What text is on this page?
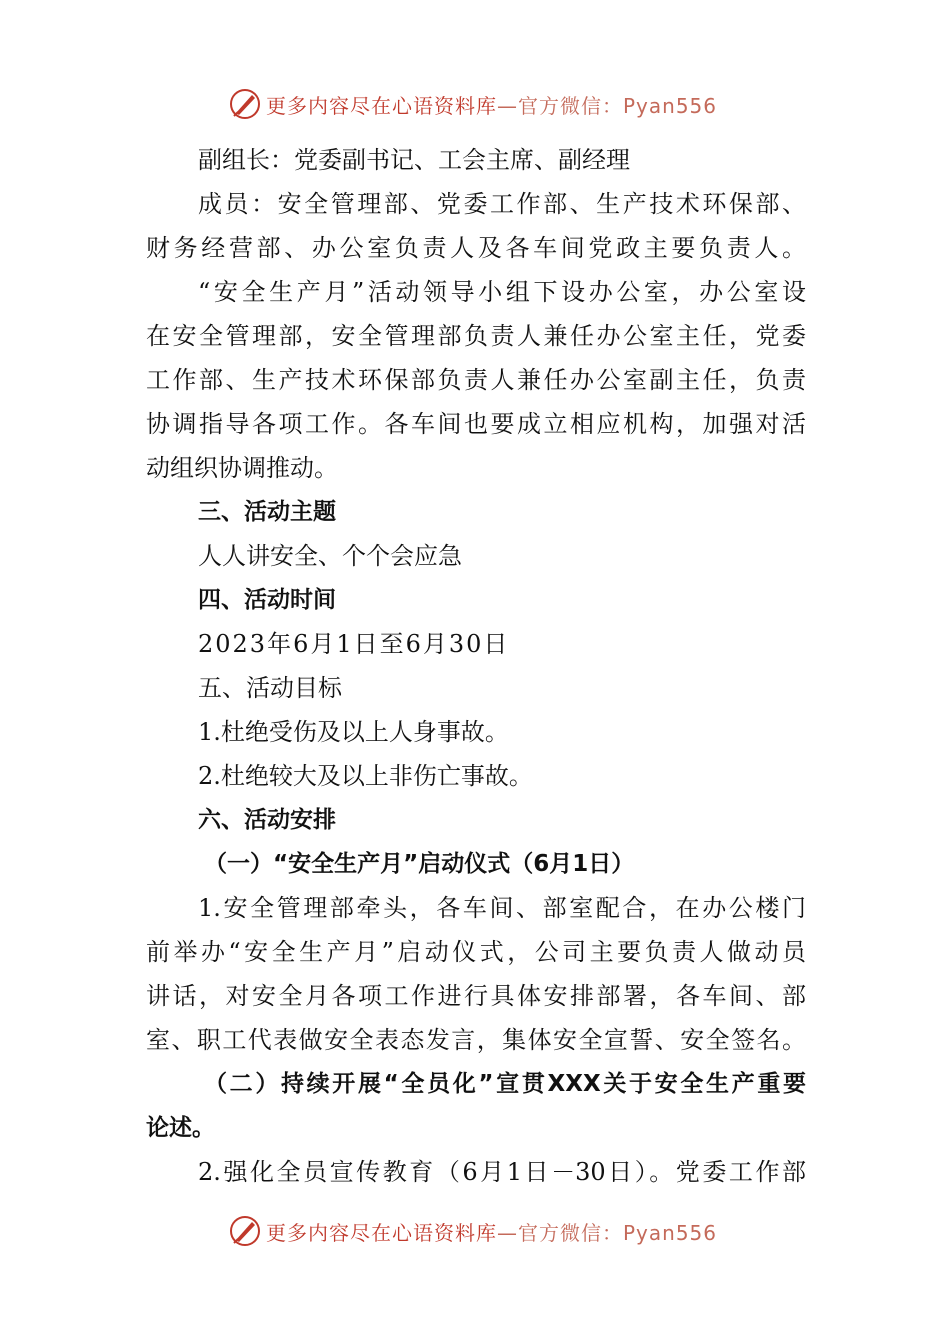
更多内容尽在心语资料库 —官方微信：Pyan556
副组长：党委副书记、工会主席、副经理
成员：安全管理部、党委工作部、生产技术环保部、
财务经营部、办公室负责人及各车间党政主要负责人。
“安全生产月”活动领导小组下设办公室，办公室设
在安全管理部，安全管理部负责人兼任办公室主任，党委
工作部、生产技术环保部负责人兼任办公室副主任，负责
协调指导各项工作。各车间也要成立相应机构，加强对活
动组织协调推动。
三、活动主题
人人讲安全、个个会应急
四、活动时间
2023年6月1日至6月30日
五、活动目标
1.杜绝受伤及以上人身事故。
2.杜绝较大及以上非伤亡事故。
六、活动安排
（一）“安全生产月”启动仪式（6月1日）
1.安全管理部牵头，各车间、部室配合，在办公楼门
前举办“安全生产月”启动仪式，公司主要负责人做动员
讲话，对安全月各项工作进行具体安排部署，各车间、部
室、职工代表做安全表态发言，集体安全宣誓、安全签名。
（二）持续开展“全员化”宣贯XXX关于安全生产重要
论述。
2.强化全员宣传教育（6月1日－30日）。党委工作部
更多内容尽在心语资料库 —官方微信：Pyan556
